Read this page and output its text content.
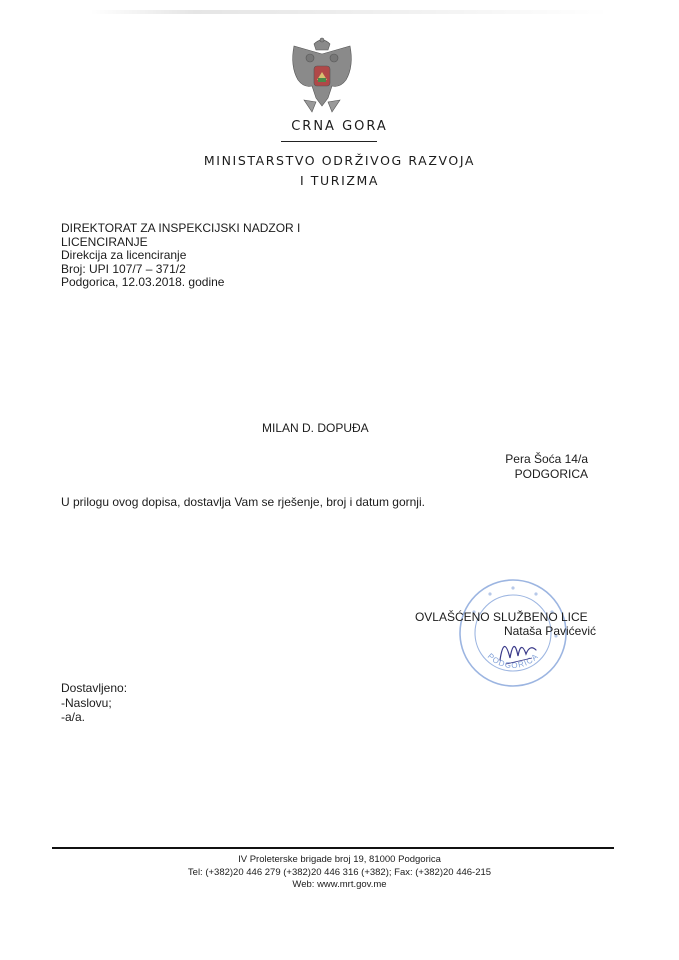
CRNA GORA
MINISTARSTVO ODRŽIVOG RAZVOJA
I TURIZMA
DIREKTORAT ZA INSPEKCIJSKI NADZOR I
LICENCIRANJE
Direkcija za licenciranje
Broj: UPI 107/7 – 371/2
Podgorica, 12.03.2018. godine
MILAN D. DOPUĐA
Pera Šoća 14/a
PODGORICA
U prilogu ovog dopisa, dostavlja Vam se rješenje, broj i datum gornji.
PODGORICA
OVLAŠĆENO SLUŽBENO LICE
Nataša Pavićević
Dostavljeno:
-Naslovu;
-a/a.
IV Proleterske brigade broj 19, 81000 Podgorica
Tel: (+382)20 446 279 (+382)20 446 316 (+382); Fax: (+382)20 446-215
Web: www.mrt.gov.me
